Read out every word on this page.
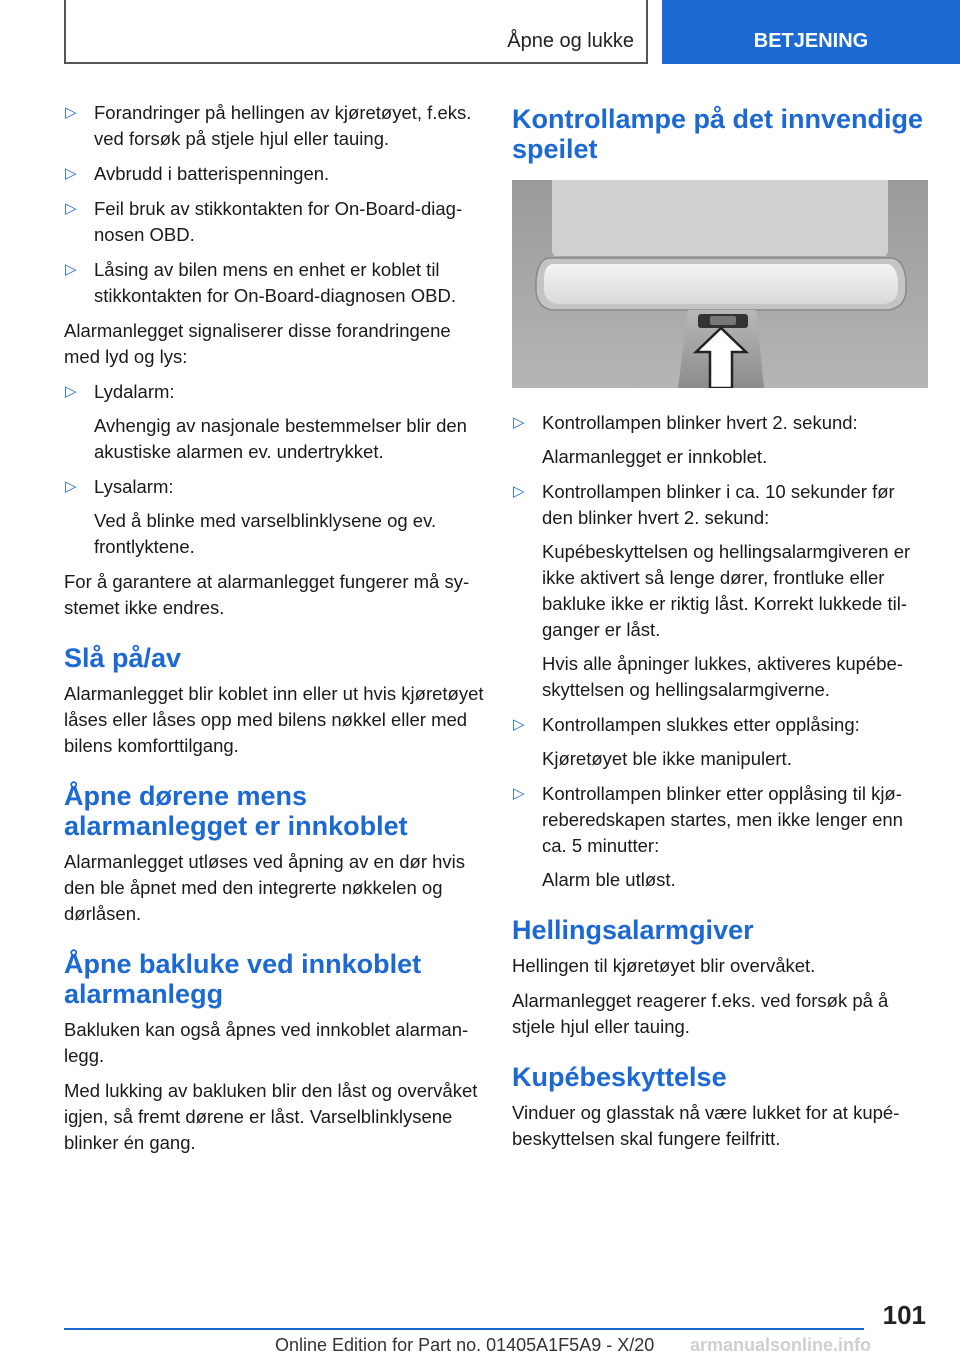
Åpne og lukke	BETJENING
▷ Forandringer på hellingen av kjøretøyet, f.eks. ved forsøk på stjele hjul eller tauing.
▷ Avbrudd i batterispenningen.
▷ Feil bruk av stikkontakten for On-Board-diagnosen OBD.
▷ Låsing av bilen mens en enhet er koblet til stikkontakten for On-Board-diagnosen OBD.

Alarmanlegget signaliserer disse forandringene med lyd og lys:

▷ Lydalarm:
Avhengig av nasjonale bestemmelser blir den akustiske alarmen ev. undertrykket.
▷ Lysalarm:
Ved å blinke med varselblinklysene og ev. frontlyktene.

For å garantere at alarmanlegget fungerer må systemet ikke endres.

Slå på/av

Alarmanlegget blir koblet inn eller ut hvis kjøretøyet låses eller låses opp med bilens nøkkel eller med bilens komforttilgang.

Åpne dørene mens alarmanlegget er innkoblet

Alarmanlegget utløses ved åpning av en dør hvis den ble åpnet med den integrerte nøkkelen og dørlåsen.

Åpne bakluke ved innkoblet alarmanlegg

Bakluken kan også åpnes ved innkoblet alarmanlegg.

Med lukking av bakluken blir den låst og overvåket igjen, så fremt dørene er låst. Varselblinklysene blinker én gang.

Kontrollampe på det innvendige speilet
▷ Kontrollampen blinker hvert 2. sekund:
Alarmanlegget er innkoblet.
▷ Kontrollampen blinker i ca. 10 sekunder før den blinker hvert 2. sekund:
Kupébeskyttelsen og hellingsalarmgiveren er ikke aktivert så lenge dører, frontluke eller bakluke ikke er riktig låst. Korrekt lukkede tilganger er låst.
Hvis alle åpninger lukkes, aktiveres kupébeskyttelsen og hellingsalarmgiverne.
▷ Kontrollampen slukkes etter opplåsing:
Kjøretøyet ble ikke manipulert.
▷ Kontrollampen blinker etter opplåsing til kjøreberedskapen startes, men ikke lenger enn ca. 5 minutter:
Alarm ble utløst.
Hellingsalarmgiver

Hellingen til kjøretøyet blir overvåket.

Alarmanlegget reagerer f.eks. ved forsøk på å stjele hjul eller tauing.

Kupébeskyttelse

Vinduer og glasstak nå være lukket for at kupébeskyttelsen skal fungere feilfritt.

101
Online Edition for Part no. 01405A1F5A9 - X/20 armanualsonline.info
